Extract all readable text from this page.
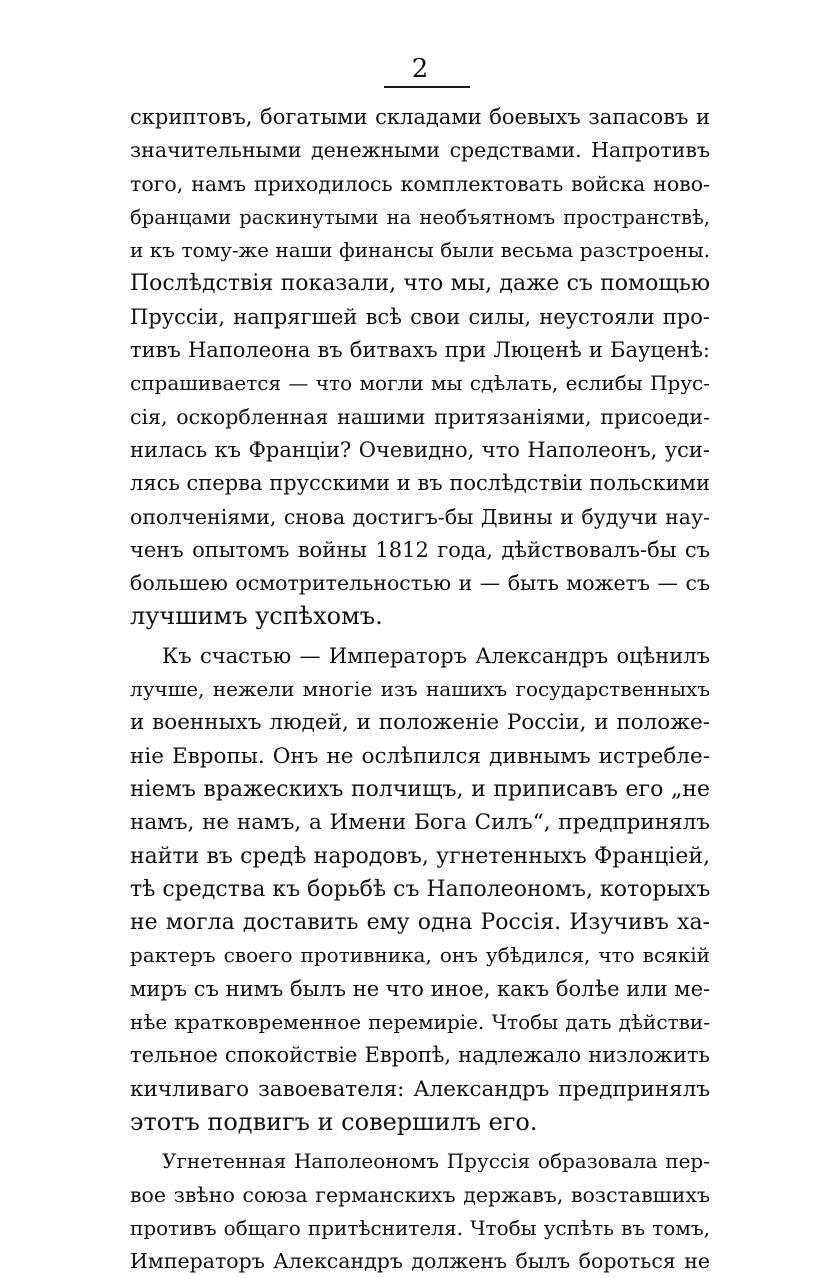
2
скриптовъ, богатыми складами боевыхъ запасовъ и
значительными денежными средствами. Напротивъ
того, намъ приходилось комплектовать войска ново-
бранцами раскинутыми на необъятномъ пространствѣ,
и къ тому-же наши финансы были весьма разстроены.
Послѣдствія показали, что мы, даже съ помощью
Пруссіи, напрягшей всѣ свои силы, неустояли про-
тивъ Наполеона въ битвахъ при Люценѣ и Бауценѣ:
спрашивается — что могли мы сдѣлать, еслибы Прус-
сія, оскорбленная нашими притязаніями, присоеди-
нилась къ Франціи? Очевидно, что Наполеонъ, уси-
лясь сперва прусскими и въ послѣдствіи польскими
ополченіями, снова достигъ-бы Двины и будучи нау-
ченъ опытомъ войны 1812 года, дѣйствовалъ-бы съ
большею осмотрительностью и — быть можетъ — съ
лучшимъ успѣхомъ.
Къ счастью — Императоръ Александръ оцѣнилъ
лучше, нежели многіе изъ нашихъ государственныхъ
и военныхъ людей, и положеніе Россіи, и положе-
ніе Европы. Онъ не ослѣпился дивнымъ истребле-
ніемъ вражескихъ полчищъ, и приписавъ его „не
намъ, не намъ, а Имени Бога Силъ“, предпринялъ
найти въ средѣ народовъ, угнетенныхъ Франціей,
тѣ средства къ борьбѣ съ Наполеономъ, которыхъ
не могла доставить ему одна Россія. Изучивъ ха-
рактеръ своего противника, онъ убѣдился, что всякій
миръ съ нимъ былъ не что иное, какъ болѣе или ме-
нѣе кратковременное перемиріе. Чтобы дать дѣйстви-
тельное спокойствіе Европѣ, надлежало низложить
кичливаго завоевателя: Александръ предпринялъ
этотъ подвигъ и совершилъ его.
Угнетенная Наполеономъ Пруссія образовала пер-
вое звѣно союза германскихъ державъ, возставшихъ
противъ общаго притѣснителя. Чтобы успѣть въ томъ,
Императоръ Александръ долженъ былъ бороться не
